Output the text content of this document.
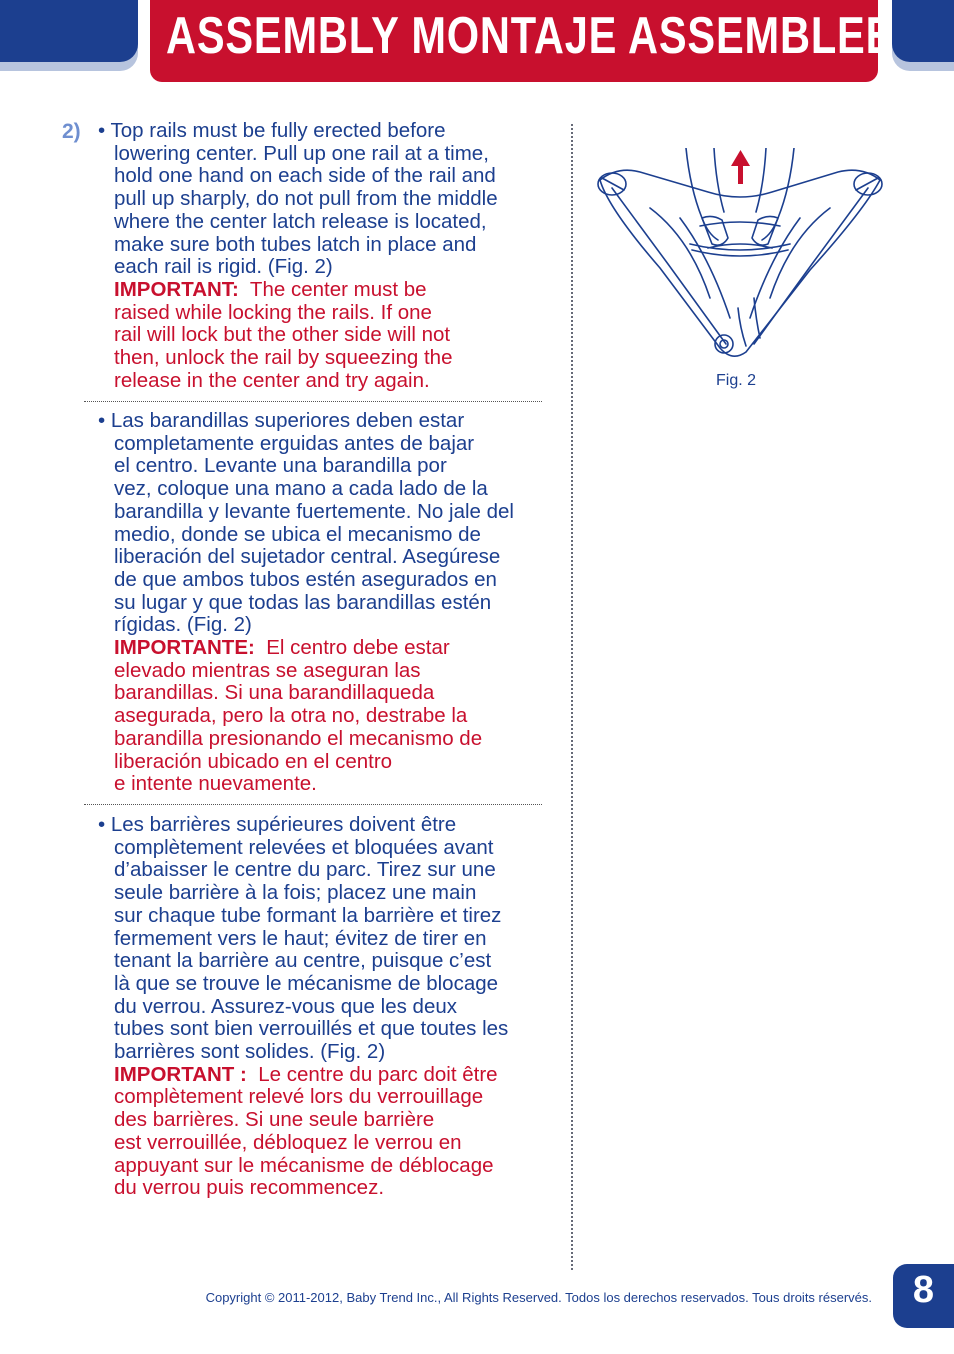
ASSEMBLY MONTAJE ASSEMBLEE
2) • Top rails must be fully erected before
lowering center. Pull up one rail at a time,
hold one hand on each side of the rail and
pull up sharply, do not pull from the middle
where the center latch release is located,
make sure both tubes latch in place and
each rail is rigid. (Fig. 2)
IMPORTANT: The center must be
raised while locking the rails. If one
rail will lock but the other side will not
then, unlock the rail by squeezing the
release in the center and try again.
• Las barandillas superiores deben estar
completamente erguidas antes de bajar
el centro. Levante una barandilla por
vez, coloque una mano a cada lado de la
barandilla y levante fuertemente. No jale del
medio, donde se ubica el mecanismo de
liberación del sujetador central. Asegúrese
de que ambos tubos estén asegurados en
su lugar y que todas las barandillas estén
rígidas. (Fig. 2)
IMPORTANTE: El centro debe estar
elevado mientras se aseguran las
barandillas. Si una barandillaqueda
asegurada, pero la otra no, destrabe la
barandilla presionando el mecanismo de
liberación ubicado en el centro
e intente nuevamente.
• Les barrières supérieures doivent être
complètement relevées et bloquées avant
d’abaisser le centre du parc. Tirez sur une
seule barrière à la fois; placez une main
sur chaque tube formant la barrière et tirez
fermement vers le haut; évitez de tirer en
tenant la barrière au centre, puisque c’est
là que se trouve le mécanisme de blocage
du verrou. Assurez-vous que les deux
tubes sont bien verrouillés et que toutes les
barrières sont solides. (Fig. 2)
IMPORTANT : Le centre du parc doit être
complètement relevé lors du verrouillage
des barrières. Si une seule barrière
est verrouillée, débloquez le verrou en
appuyant sur le mécanisme de déblocage
du verrou puis recommencez.
Fig. 2
Copyright © 2011-2012, Baby Trend Inc., All Rights Reserved. Todos los derechos reservados. Tous droits réservés.	8
